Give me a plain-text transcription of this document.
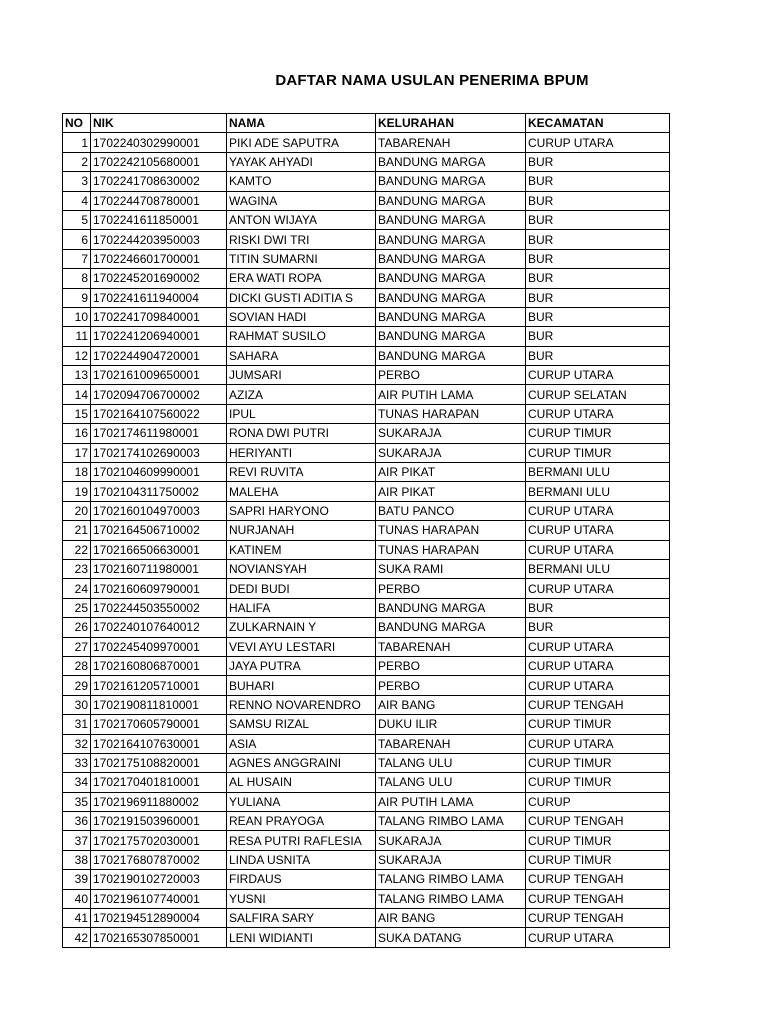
DAFTAR NAMA USULAN PENERIMA BPUM
NO	NIK	NAMA	KELURAHAN	KECAMATAN
1	1702240302990001	PIKI ADE SAPUTRA	TABARENAH	CURUP UTARA
2	1702242105680001	YAYAK AHYADI	BANDUNG MARGA	BUR
3	1702241708630002	KAMTO	BANDUNG MARGA	BUR
4	1702244708780001	WAGINA	BANDUNG MARGA	BUR
5	1702241611850001	ANTON WIJAYA	BANDUNG MARGA	BUR
6	1702244203950003	RISKI DWI TRI	BANDUNG MARGA	BUR
7	1702246601700001	TITIN SUMARNI	BANDUNG MARGA	BUR
8	1702245201690002	ERA WATI ROPA	BANDUNG MARGA	BUR
9	1702241611940004	DICKI GUSTI ADITIA S	BANDUNG MARGA	BUR
10	1702241709840001	SOVIAN HADI	BANDUNG MARGA	BUR
11	1702241206940001	RAHMAT SUSILO	BANDUNG MARGA	BUR
12	1702244904720001	SAHARA	BANDUNG MARGA	BUR
13	1702161009650001	JUMSARI	PERBO	CURUP UTARA
14	1702094706700002	AZIZA	AIR PUTIH LAMA	CURUP SELATAN
15	1702164107560022	IPUL	TUNAS HARAPAN	CURUP UTARA
16	1702174611980001	RONA DWI PUTRI	SUKARAJA	CURUP TIMUR
17	1702174102690003	HERIYANTI	SUKARAJA	CURUP TIMUR
18	1702104609990001	REVI RUVITA	AIR PIKAT	BERMANI ULU
19	1702104311750002	MALEHA	AIR PIKAT	BERMANI ULU
20	1702160104970003	SAPRI HARYONO	BATU PANCO	CURUP UTARA
21	1702164506710002	NURJANAH	TUNAS HARAPAN	CURUP UTARA
22	1702166506630001	KATINEM	TUNAS HARAPAN	CURUP UTARA
23	1702160711980001	NOVIANSYAH	SUKA RAMI	BERMANI ULU
24	1702160609790001	DEDI BUDI	PERBO	CURUP UTARA
25	1702244503550002	HALIFA	BANDUNG MARGA	BUR
26	1702240107640012	ZULKARNAIN Y	BANDUNG MARGA	BUR
27	1702245409970001	VEVI AYU LESTARI	TABARENAH	CURUP UTARA
28	1702160806870001	JAYA PUTRA	PERBO	CURUP UTARA
29	1702161205710001	BUHARI	PERBO	CURUP UTARA
30	1702190811810001	RENNO NOVARENDRO	AIR BANG	CURUP TENGAH
31	1702170605790001	SAMSU RIZAL	DUKU ILIR	CURUP TIMUR
32	1702164107630001	ASIA	TABARENAH	CURUP UTARA
33	1702175108820001	AGNES ANGGRAINI	TALANG ULU	CURUP TIMUR
34	1702170401810001	AL HUSAIN	TALANG ULU	CURUP TIMUR
35	1702196911880002	YULIANA	AIR PUTIH LAMA	CURUP
36	1702191503960001	REAN PRAYOGA	TALANG RIMBO LAMA	CURUP TENGAH
37	1702175702030001	RESA PUTRI RAFLESIA	SUKARAJA	CURUP TIMUR
38	1702176807870002	LINDA USNITA	SUKARAJA	CURUP TIMUR
39	1702190102720003	FIRDAUS	TALANG RIMBO LAMA	CURUP TENGAH
40	1702196107740001	YUSNI	TALANG RIMBO LAMA	CURUP TENGAH
41	1702194512890004	SALFIRA SARY	AIR BANG	CURUP TENGAH
42	1702165307850001	LENI WIDIANTI	SUKA DATANG	CURUP UTARA
